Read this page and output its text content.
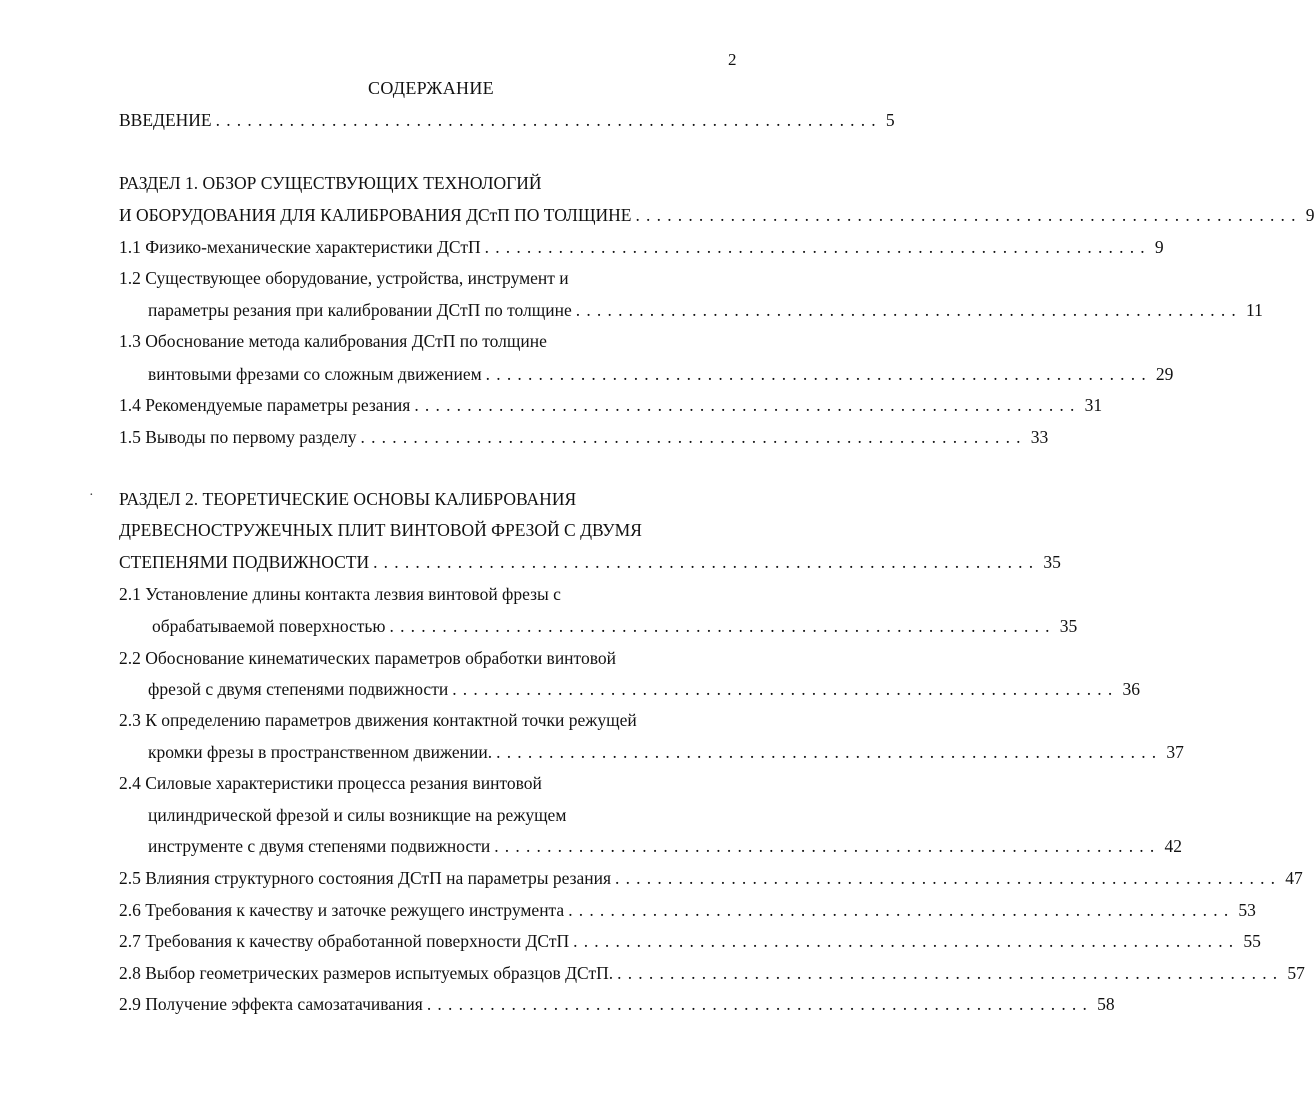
2
СОДЕРЖАНИЕ
ВВЕДЕНИЕ ............................................................... 5
РАЗДЕЛ 1. ОБЗОР СУЩЕСТВУЮЩИХ ТЕХНОЛОГИЙ
И ОБОРУДОВАНИЯ ДЛЯ КАЛИБРОВАНИЯ ДСтП ПО ТОЛЩИНЕ ............................................................... 9
1.1 Физико-механические характеристики ДСтП ............................................................... 9
1.2 Существующее оборудование, устройства, инструмент и
параметры резания при калибровании ДСтП по толщине ............................................................... 11
1.3 Обоснование метода калибрования ДСтП по толщине
винтовыми фрезами со сложным движением ............................................................... 29
1.4 Рекомендуемые параметры резания ............................................................... 31
1.5 Выводы по первому разделу ............................................................... 33
· РАЗДЕЛ 2. ТЕОРЕТИЧЕСКИЕ ОСНОВЫ КАЛИБРОВАНИЯ
ДРЕВЕСНОСТРУЖЕЧНЫХ ПЛИТ ВИНТОВОЙ ФРЕЗОЙ С ДВУМЯ
СТЕПЕНЯМИ ПОДВИЖНОСТИ ............................................................... 35
2.1 Установление длины контакта лезвия винтовой фрезы с
обрабатываемой поверхностью ............................................................... 35
2.2 Обоснование кинематических параметров обработки винтовой
фрезой с двумя степенями подвижности ............................................................... 36
2.3 К определению параметров движения контактной точки режущей
кромки фрезы в пространственном движении. ............................................................... 37
2.4 Силовые характеристики процесса резания винтовой
цилиндрической фрезой и силы возникщие на режущем
инструменте с двумя степенями подвижности ............................................................... 42
2.5 Влияния структурного состояния ДСтП на параметры резания ............................................................... 47
2.6 Требования к качеству и заточке режущего инструмента ............................................................... 53
2.7 Требования к качеству обработанной поверхности ДСтП ............................................................... 55
2.8 Выбор геометрических размеров испытуемых образцов ДСтП. ............................................................... 57
2.9 Получение эффекта самозатачивания ............................................................... 58
